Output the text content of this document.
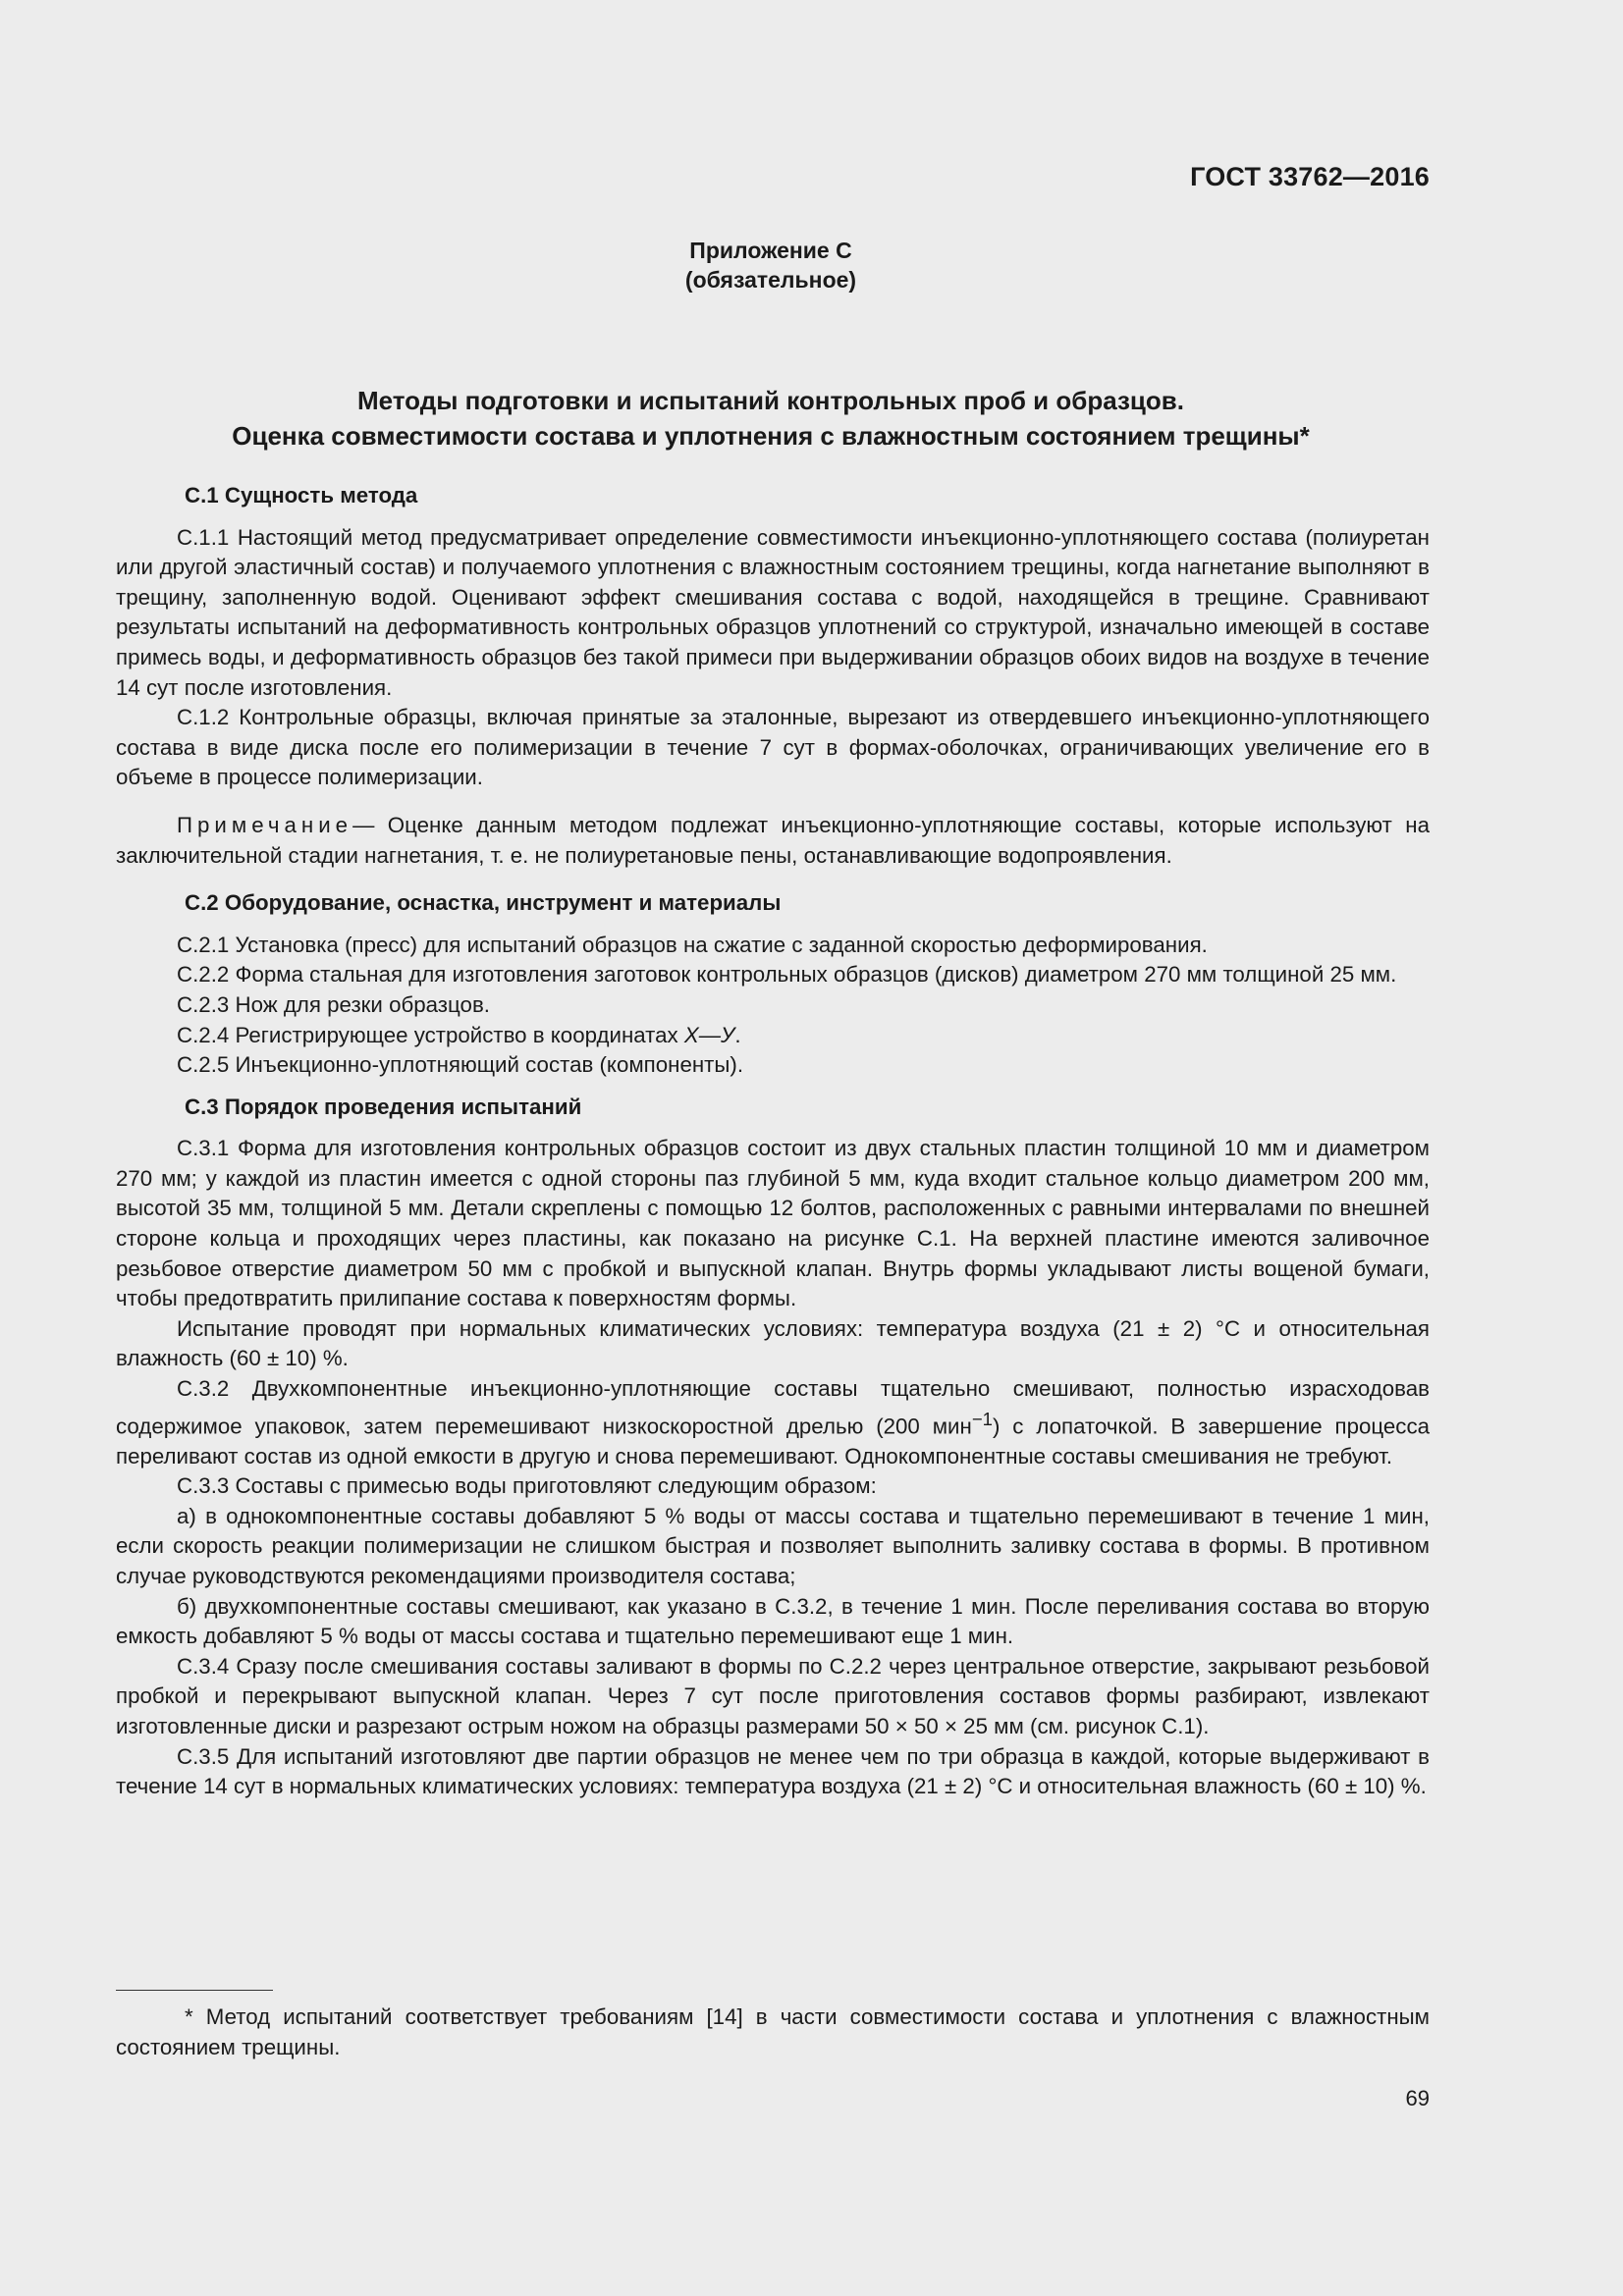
ГОСТ 33762—2016
Приложение С
(обязательное)
Методы подготовки и испытаний контрольных проб и образцов.
Оценка совместимости состава и уплотнения с влажностным состоянием трещины*
С.1 Сущность метода

С.1.1 Настоящий метод предусматривает определение совместимости инъекционно-уплотняющего состава (полиуретан или другой эластичный состав) и получаемого уплотнения с влажностным состоянием трещины, когда нагнетание выполняют в трещину, заполненную водой. Оценивают эффект смешивания состава с водой, находящейся в трещине. Сравнивают результаты испытаний на деформативность контрольных образцов уплотнений со структурой, изначально имеющей в составе примесь воды, и деформативность образцов без такой примеси при выдерживании образцов обоих видов на воздухе в течение 14 сут после изготовления.

С.1.2 Контрольные образцы, включая принятые за эталонные, вырезают из отвердевшего инъекционно-уплотняющего состава в виде диска после его полимеризации в течение 7 сут в формах-оболочках, ограничивающих увеличение его в объеме в процессе полимеризации.

Примечание— Оценке данным методом подлежат инъекционно-уплотняющие составы, которые используют на заключительной стадии нагнетания, т. е. не полиуретановые пены, останавливающие водопроявления.

С.2 Оборудование, оснастка, инструмент и материалы

С.2.1 Установка (пресс) для испытаний образцов на сжатие с заданной скоростью деформирования.

С.2.2 Форма стальная для изготовления заготовок контрольных образцов (дисков) диаметром 270 мм толщиной 25 мм.

С.2.3 Нож для резки образцов.

С.2.4 Регистрирующее устройство в координатах Х—У.

С.2.5 Инъекционно-уплотняющий состав (компоненты).

С.3 Порядок проведения испытаний

С.3.1 Форма для изготовления контрольных образцов состоит из двух стальных пластин толщиной 10 мм и диаметром 270 мм; у каждой из пластин имеется с одной стороны паз глубиной 5 мм, куда входит стальное кольцо диаметром 200 мм, высотой 35 мм, толщиной 5 мм. Детали скреплены с помощью 12 болтов, расположенных с равными интервалами по внешней стороне кольца и проходящих через пластины, как показано на рисунке С.1. На верхней пластине имеются заливочное резьбовое отверстие диаметром 50 мм с пробкой и выпускной клапан. Внутрь формы укладывают листы вощеной бумаги, чтобы предотвратить прилипание состава к поверхностям формы.

Испытание проводят при нормальных климатических условиях: температура воздуха (21 ± 2) °С и относительная влажность (60 ± 10) %.

С.3.2 Двухкомпонентные инъекционно-уплотняющие составы тщательно смешивают, полностью израсходовав содержимое упаковок, затем перемешивают низкоскоростной дрелью (200 мин$^{-1}$) с лопаточкой. В завершение процесса переливают состав из одной емкости в другую и снова перемешивают. Однокомпонентные составы смешивания не требуют.

С.3.3 Составы с примесью воды приготовляют следующим образом:

а) в однокомпонентные составы добавляют 5 % воды от массы состава и тщательно перемешивают в течение 1 мин, если скорость реакции полимеризации не слишком быстрая и позволяет выполнить заливку состава в формы. В противном случае руководствуются рекомендациями производителя состава;

б) двухкомпонентные составы смешивают, как указано в С.3.2, в течение 1 мин. После переливания состава во вторую емкость добавляют 5 % воды от массы состава и тщательно перемешивают еще 1 мин.

С.3.4 Сразу после смешивания составы заливают в формы по С.2.2 через центральное отверстие, закрывают резьбовой пробкой и перекрывают выпускной клапан. Через 7 сут после приготовления составов формы разбирают, извлекают изготовленные диски и разрезают острым ножом на образцы размерами 50 × 50 × 25 мм (см. рисунок С.1).

С.3.5 Для испытаний изготовляют две партии образцов не менее чем по три образца в каждой, которые выдерживают в течение 14 сут в нормальных климатических условиях: температура воздуха (21 ± 2) °С и относительная влажность (60 ± 10) %.

* Метод испытаний соответствует требованиям [14] в части совместимости состава и уплотнения с влажностным состоянием трещины.

69
